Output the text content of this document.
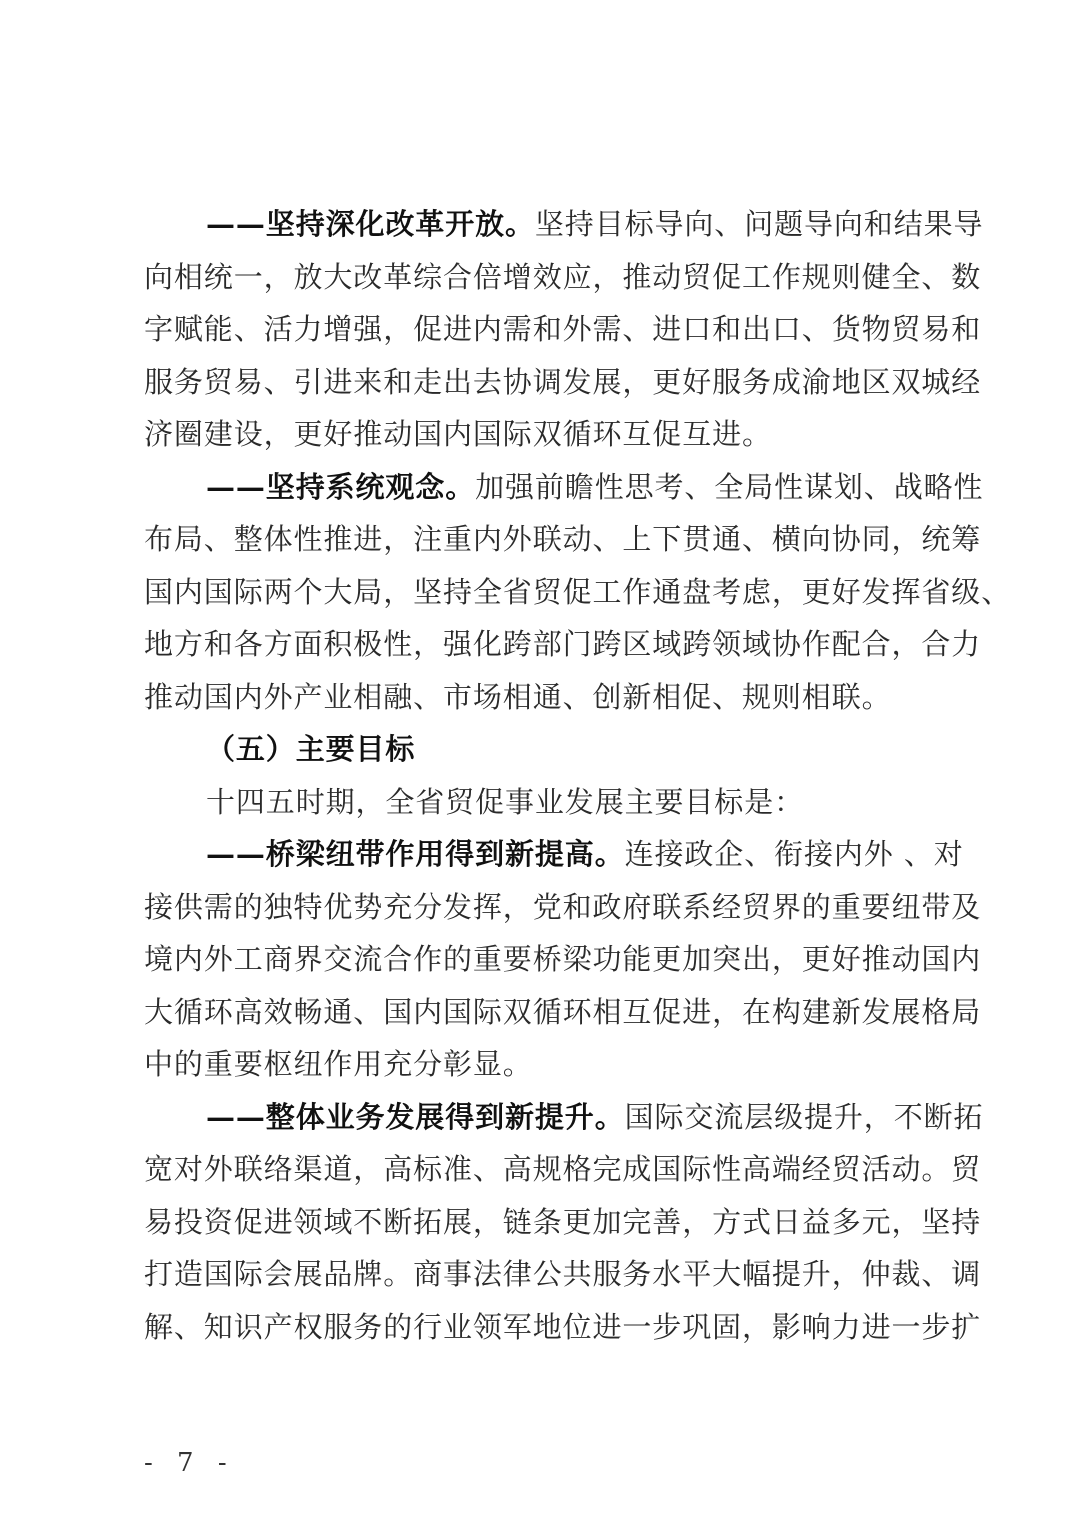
——坚持深化改革开放。坚持目标导向、问题导向和结果导
向相统一，放大改革综合倍增效应，推动贸促工作规则健全、数
字赋能、活力增强，促进内需和外需、进口和出口、货物贸易和
服务贸易、引进来和走出去协调发展，更好服务成渝地区双城经
济圈建设，更好推动国内国际双循环互促互进。
——坚持系统观念。加强前瞻性思考、全局性谋划、战略性
布局、整体性推进，注重内外联动、上下贯通、横向协同，统筹
国内国际两个大局，坚持全省贸促工作通盘考虑，更好发挥省级、
地方和各方面积极性，强化跨部门跨区域跨领域协作配合，合力
推动国内外产业相融、市场相通、创新相促、规则相联。
（五）主要目标
十四五时期，全省贸促事业发展主要目标是：
——桥梁纽带作用得到新提高。连接政企、衔接内外 、对
接供需的独特优势充分发挥，党和政府联系经贸界的重要纽带及
境内外工商界交流合作的重要桥梁功能更加突出，更好推动国内
大循环高效畅通、国内国际双循环相互促进，在构建新发展格局
中的重要枢纽作用充分彰显。
——整体业务发展得到新提升。国际交流层级提升，不断拓
宽对外联络渠道，高标准、高规格完成国际性高端经贸活动。贸
易投资促进领域不断拓展，链条更加完善，方式日益多元，坚持
打造国际会展品牌。商事法律公共服务水平大幅提升，仲裁、调
解、知识产权服务的行业领军地位进一步巩固，影响力进一步扩
- 7 -
